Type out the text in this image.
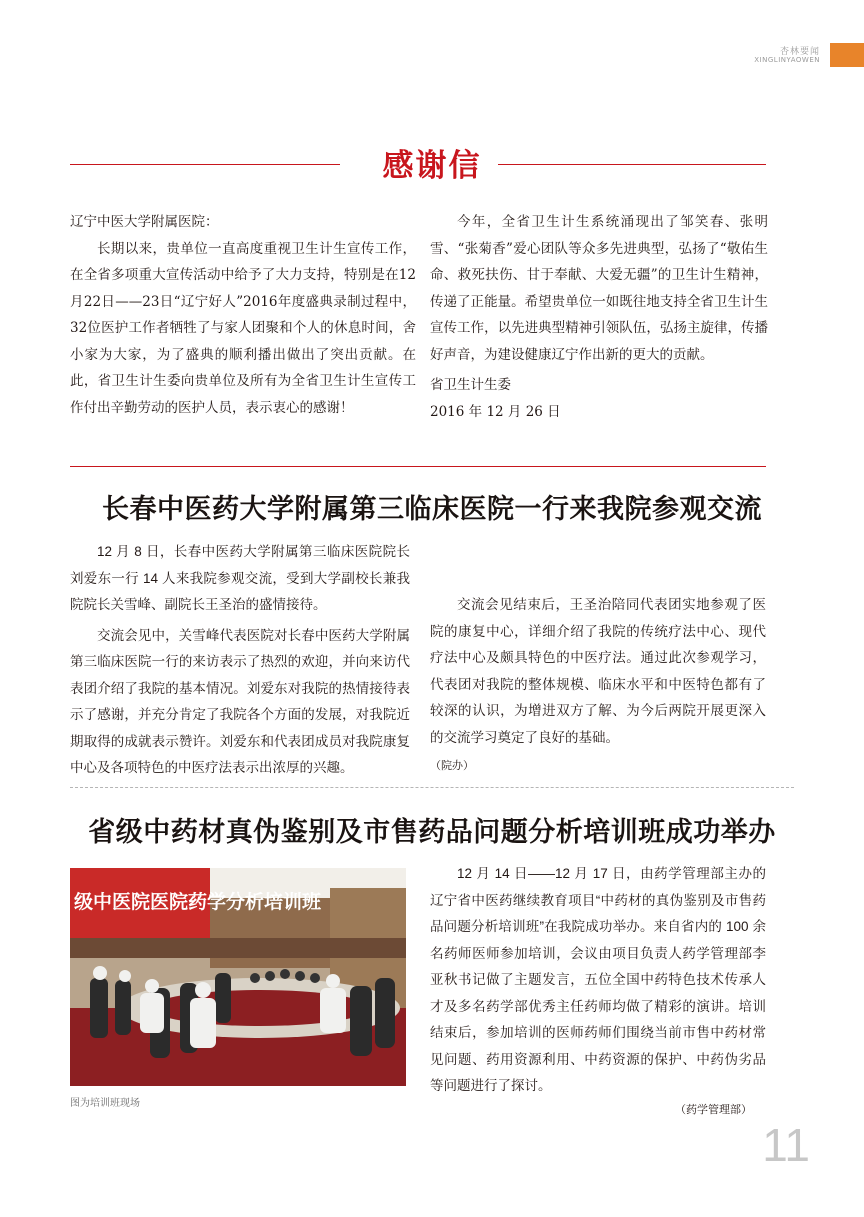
杏林要闻
XINGLINYAOWEN
感谢信

辽宁中医大学附属医院：

长期以来，贵单位一直高度重视卫生计生宣传工作，在全省多项重大宣传活动中给予了大力支持，特别是在12月22日——23日“辽宁好人”2016年度盛典录制过程中，32位医护工作者牺牲了与家人团聚和个人的休息时间，舍小家为大家，为了盛典的顺利播出做出了突出贡献。在此，省卫生计生委向贵单位及所有为全省卫生计生宣传工作付出辛勤劳动的医护人员，表示衷心的感谢！

今年，全省卫生计生系统涌现出了邹笑春、张明雪、“张菊香”爱心团队等众多先进典型，弘扬了“敬佑生命、救死扶伤、甘于奉献、大爱无疆”的卫生计生精神，传递了正能量。希望贵单位一如既往地支持全省卫生计生宣传工作，以先进典型精神引领队伍，弘扬主旋律，传播好声音，为建设健康辽宁作出新的更大的贡献。

省卫生计生委

2016 年 12 月 26 日

长春中医药大学附属第三临床医院一行来我院参观交流

12 月 8 日，长春中医药大学附属第三临床医院院长刘爱东一行 14 人来我院参观交流，受到大学副校长兼我院院长关雪峰、副院长王圣治的盛情接待。

交流会见中，关雪峰代表医院对长春中医药大学附属第三临床医院一行的来访表示了热烈的欢迎，并向来访代表团介绍了我院的基本情况。刘爱东对我院的热情接待表示了感谢，并充分肯定了我院各个方面的发展，对我院近期取得的成就表示赞许。刘爱东和代表团成员对我院康复中心及各项特色的中医疗法表示出浓厚的兴趣。

交流会见结束后，王圣治陪同代表团实地参观了医院的康复中心，详细介绍了我院的传统疗法中心、现代疗法中心及颇具特色的中医疗法。通过此次参观学习，代表团对我院的整体规模、临床水平和中医特色都有了较深的认识，为增进双方了解、为今后两院开展更深入的交流学习奠定了良好的基础。

（院办）

省级中药材真伪鉴别及市售药品问题分析培训班成功举办
级中医院医院药学分析培训班
图为培训班现场

12 月 14 日——12 月 17 日，由药学管理部主办的辽宁省中医药继续教育项目“中药材的真伪鉴别及市售药品问题分析培训班”在我院成功举办。来自省内的 100 余名药师医师参加培训，会议由项目负责人药学管理部李亚秋书记做了主题发言，五位全国中药特色技术传承人才及多名药学部优秀主任药师均做了精彩的演讲。培训结束后，参加培训的医师药师们围绕当前市售中药材常见问题、药用资源利用、中药资源的保护、中药伪劣品等问题进行了探讨。

（药学管理部）
11
